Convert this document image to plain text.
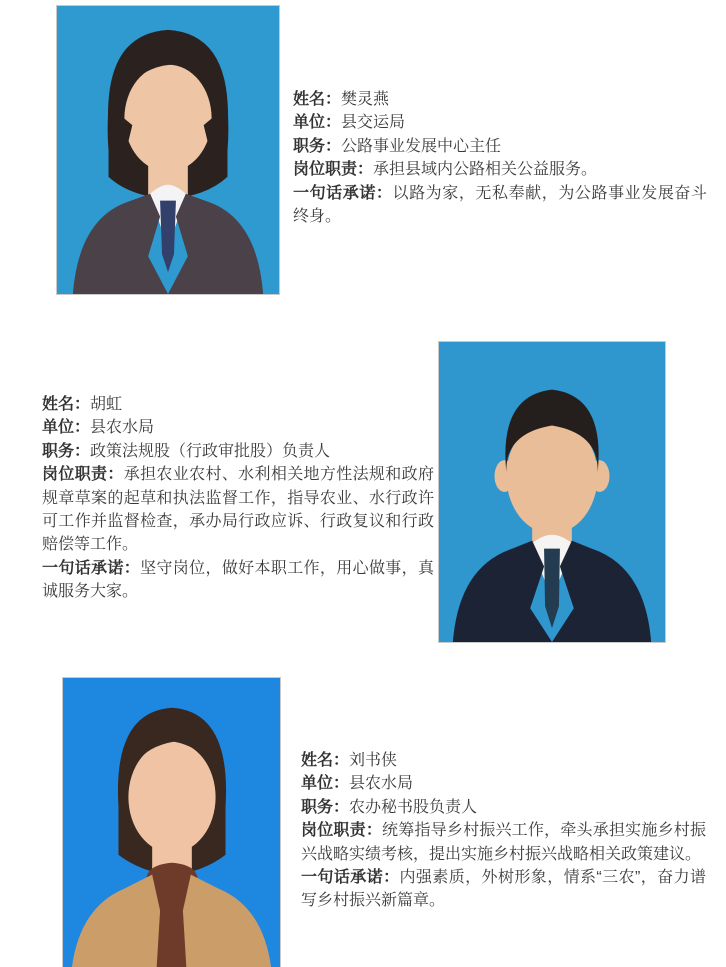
姓名：樊灵燕
单位：县交运局
职务：公路事业发展中心主任
岗位职责：承担县域内公路相关公益服务。
一句话承诺：以路为家，无私奉献，为公路事业发展奋斗终身。
姓名：胡虹
单位：县农水局
职务：政策法规股（行政审批股）负责人
岗位职责：承担农业农村、水利相关地方性法规和政府规章草案的起草和执法监督工作，指导农业、水行政许可工作并监督检查，承办局行政应诉、行政复议和行政赔偿等工作。
一句话承诺：坚守岗位，做好本职工作，用心做事，真诚服务大家。
姓名：刘书侠
单位：县农水局
职务：农办秘书股负责人
岗位职责：统筹指导乡村振兴工作，牵头承担实施乡村振兴战略实绩考核，提出实施乡村振兴战略相关政策建议。
一句话承诺：内强素质，外树形象，情系“三农”，奋力谱写乡村振兴新篇章。
